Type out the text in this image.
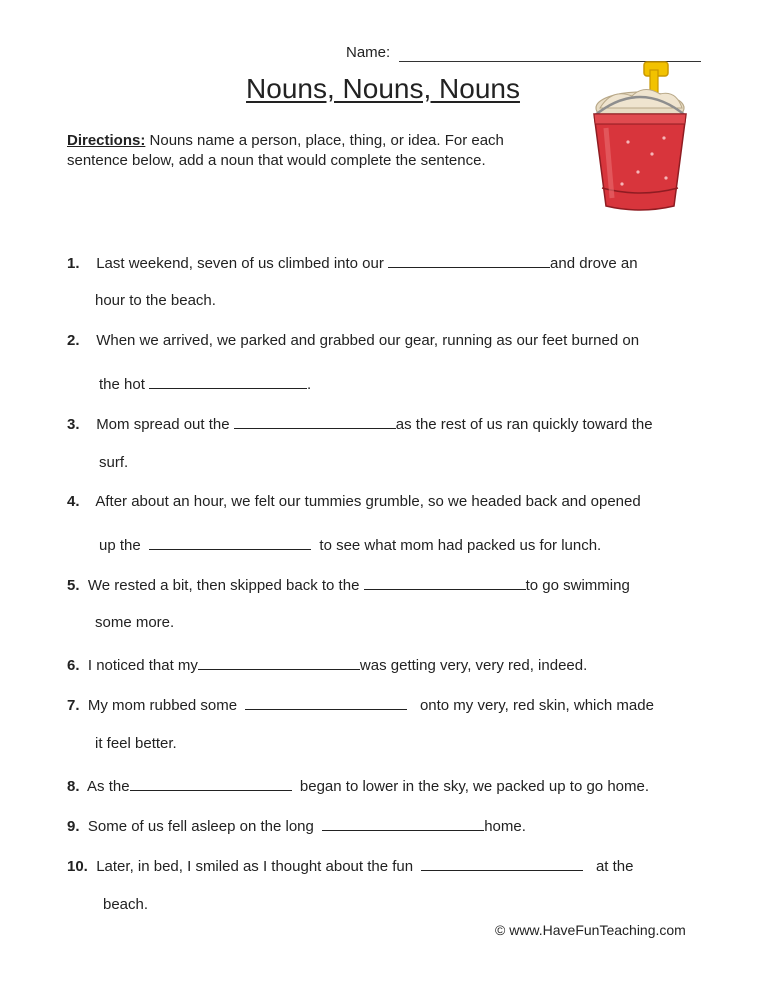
Name:
Nouns, Nouns, Nouns
Directions: Nouns name a person, place, thing, or idea. For each
sentence below, add a noun that would complete the sentence.
1. Last weekend, seven of us climbed into our	and drove an
hour to the beach.
2. When we arrived, we parked and grabbed our gear, running as our feet burned on
the hot	.
3. Mom spread out the	as the rest of us ran quickly toward the
surf.
4. After about an hour, we felt our tummies grumble, so we headed back and opened
up the	to see what mom had packed us for lunch.
5. We rested a bit, then skipped back to the	to go swimming
some more.
6. I noticed that my	was getting very, very red, indeed.
7. My mom rubbed some	onto my very, red skin, which made
it feel better.
8. As the	began to lower in the sky, we packed up to go home.
9. Some of us fell asleep on the long	home.
10. Later, in bed, I smiled as I thought about the fun	at the
beach.
© www.HaveFunTeaching.com
